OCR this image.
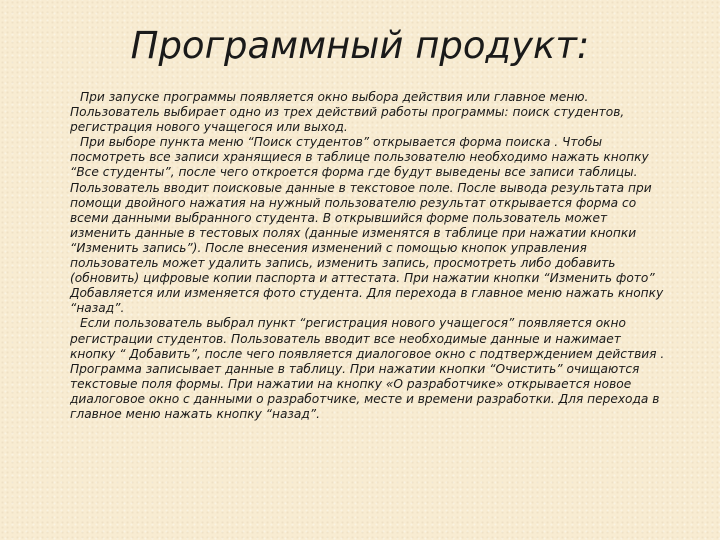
Программный продукт:

При запуске программы появляется окно выбора действия или главное меню. Пользователь выбирает одно из трех действий работы программы: поиск студентов, регистрация нового учащегося или выход.

При выборе пункта меню “Поиск студентов” открывается форма поиска . Чтобы посмотреть все записи хранящиеся в таблице пользователю необходимо нажать кнопку “Все студенты”, после чего откроется форма где будут выведены все записи таблицы. Пользователь вводит поисковые данные в текстовое поле. После вывода результата при помощи двойного нажатия на нужный пользователю результат открывается форма со всеми данными выбранного студента. В открывшийся форме пользователь может изменить данные в тестовых полях (данные изменятся в таблице при нажатии кнопки “Изменить запись”). После внесения изменений с помощью кнопок управления пользователь может удалить запись, изменить запись, просмотреть либо добавить (обновить) цифровые копии паспорта и аттестата. При нажатии кнопки “Изменить фото” Добавляется или изменяется фото студента. Для перехода в главное меню нажать кнопку “назад”.

Если пользователь выбрал пункт “регистрация нового учащегося” появляется окно регистрации студентов. Пользователь вводит все необходимые данные и нажимает кнопку “ Добавить”, после чего появляется диалоговое окно с подтверждением действия . Программа записывает данные в таблицу. При нажатии кнопки “Очистить” очищаются текстовые поля формы. При нажатии на кнопку «О разработчике» открывается новое диалоговое окно с данными о разработчике, месте и времени разработки. Для перехода в главное меню нажать кнопку “назад”.
